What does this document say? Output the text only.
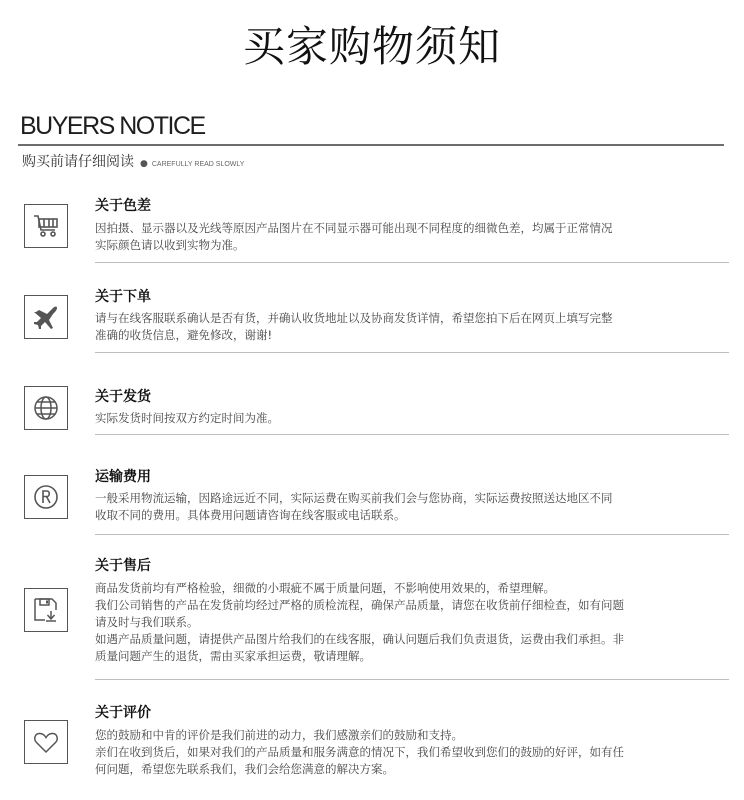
买家购物须知
BUYERS NOTICE
购买前请仔细阅读 ● CAREFULLY READ SLOWLY
关于色差
因拍摄、显示器以及光线等原因产品图片在不同显示器可能出现不同程度的细微色差，均属于正常情况
实际颜色请以收到实物为准。
关于下单
请与在线客服联系确认是否有货，并确认收货地址以及协商发货详情，希望您拍下后在网页上填写完整
准确的收货信息，避免修改，谢谢!
关于发货
实际发货时间按双方约定时间为准。
运输费用
一般采用物流运输，因路途远近不同，实际运费在购买前我们会与您协商，实际运费按照送达地区不同
收取不同的费用。具体费用问题请咨询在线客服或电话联系。
关于售后
商品发货前均有严格检验，细微的小瑕疵不属于质量问题，不影响使用效果的，希望理解。
我们公司销售的产品在发货前均经过严格的质检流程，确保产品质量，请您在收货前仔细检查，如有问题
请及时与我们联系。
如遇产品质量问题，请提供产品图片给我们的在线客服，确认问题后我们负责退货，运费由我们承担。非
质量问题产生的退货，需由买家承担运费，敬请理解。
关于评价
您的鼓励和中肯的评价是我们前进的动力，我们感激亲们的鼓励和支持。
亲们在收到货后，如果对我们的产品质量和服务满意的情况下，我们希望收到您们的鼓励的好评，如有任
何问题，希望您先联系我们，我们会给您满意的解决方案。
